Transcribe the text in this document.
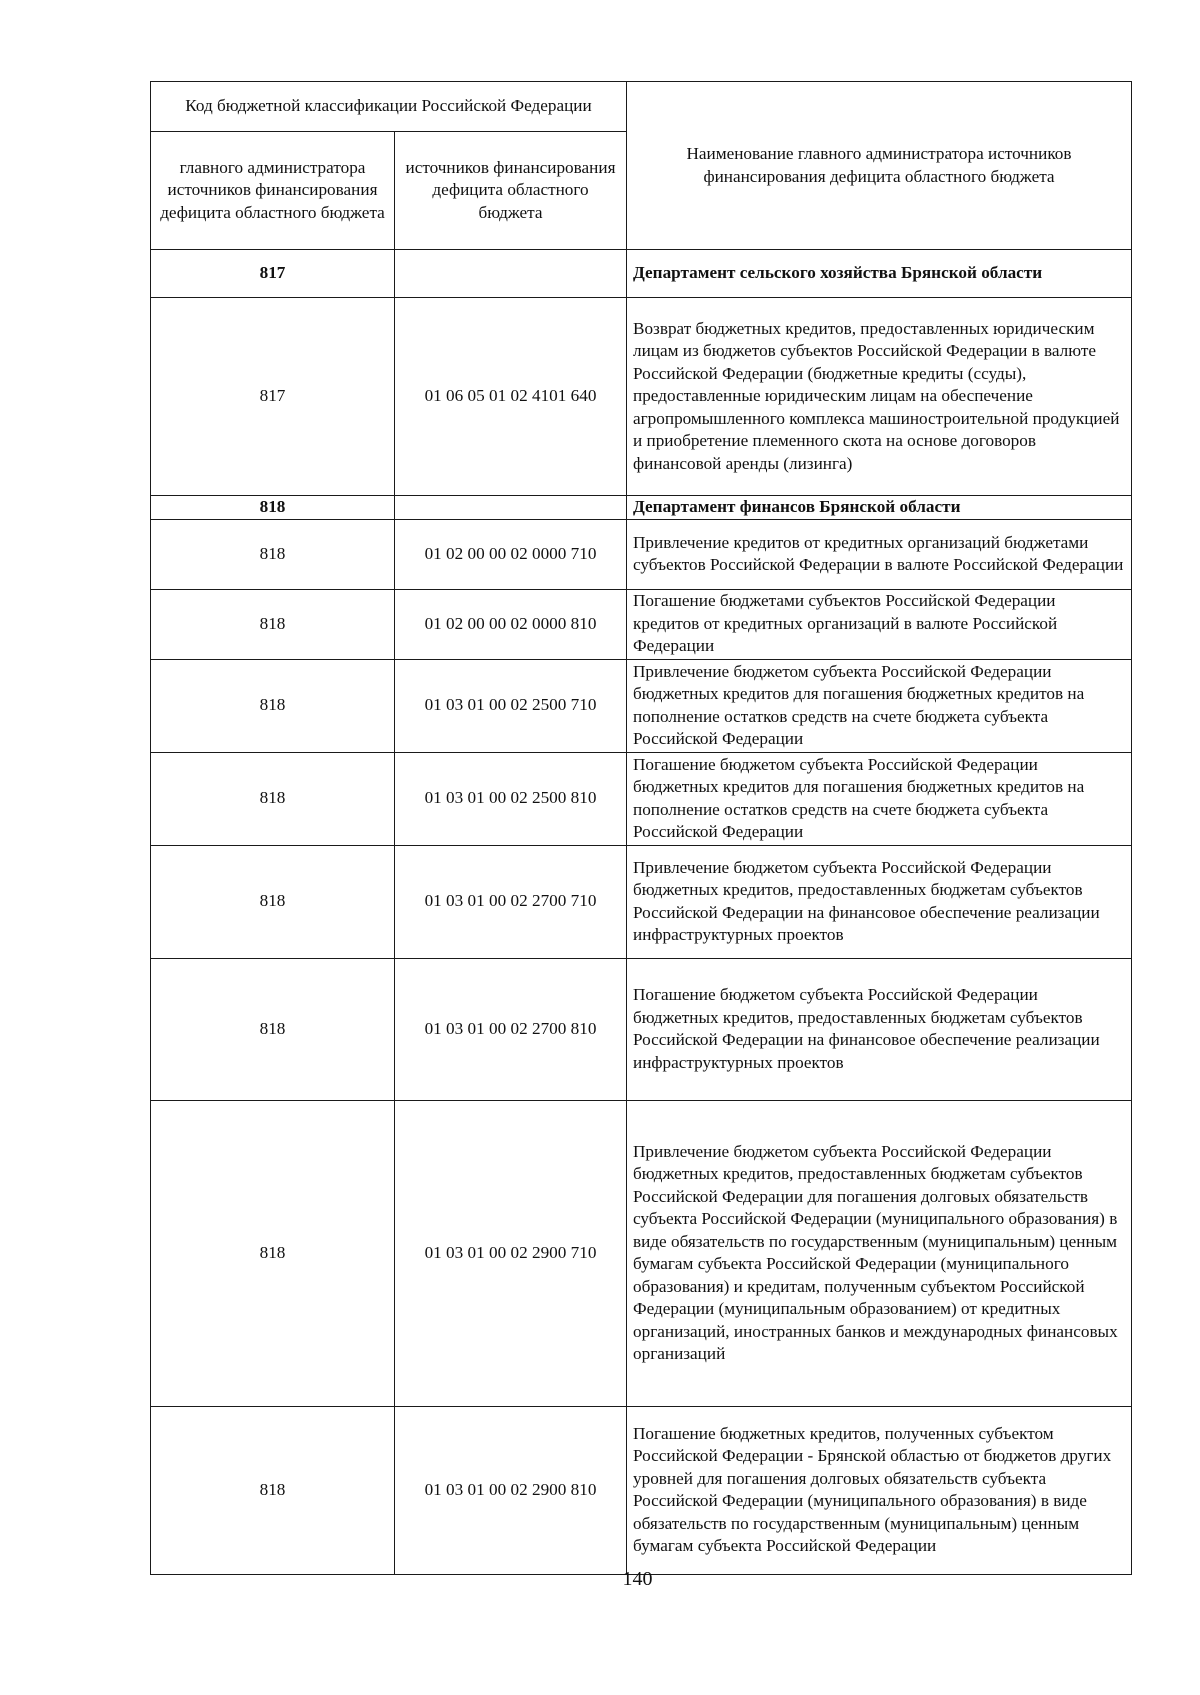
Код бюджетной классификации Российской Федерации		Наименование главного администратора источников финансирования дефицита областного бюджета
главного администратора источников финансирования дефицита областного бюджета	источников финансирования дефицита областного бюджета	
817		Департамент сельского хозяйства Брянской области
817	01 06 05 01 02 4101 640	Возврат бюджетных кредитов, предоставленных юридическим лицам из бюджетов субъектов Российской Федерации в валюте Российской Федерации (бюджетные кредиты (ссуды), предоставленные юридическим лицам на обеспечение агропромышленного комплекса машиностроительной продукцией и приобретение племенного скота на основе договоров финансовой аренды (лизинга)
818		Департамент финансов Брянской области
818	01 02 00 00 02 0000 710	Привлечение кредитов от кредитных организаций бюджетами субъектов Российской Федерации в валюте Российской Федерации
818	01 02 00 00 02 0000 810	Погашение бюджетами субъектов Российской Федерации кредитов от кредитных организаций в валюте Российской Федерации
818	01 03 01 00 02 2500 710	Привлечение бюджетом субъекта Российской Федерации бюджетных кредитов для погашения бюджетных кредитов на пополнение остатков средств на счете бюджета субъекта Российской Федерации
818	01 03 01 00 02 2500 810	Погашение бюджетом субъекта Российской Федерации бюджетных кредитов для погашения бюджетных кредитов на пополнение остатков средств на счете бюджета субъекта Российской Федерации
818	01 03 01 00 02 2700 710	Привлечение бюджетом субъекта Российской Федерации бюджетных кредитов, предоставленных бюджетам субъектов Российской Федерации на финансовое обеспечение реализации инфраструктурных проектов
818	01 03 01 00 02 2700 810	Погашение бюджетом субъекта Российской Федерации бюджетных кредитов, предоставленных бюджетам субъектов Российской Федерации на финансовое обеспечение реализации инфраструктурных проектов
818	01 03 01 00 02 2900 710	Привлечение бюджетом субъекта Российской Федерации бюджетных кредитов, предоставленных бюджетам субъектов Российской Федерации для погашения долговых обязательств субъекта Российской Федерации (муниципального образования) в виде обязательств по государственным (муниципальным) ценным бумагам субъекта Российской Федерации (муниципального образования) и кредитам, полученным субъектом Российской Федерации (муниципальным образованием) от кредитных организаций, иностранных банков и международных финансовых организаций
818	01 03 01 00 02 2900 810	Погашение бюджетных кредитов, полученных субъектом Российской Федерации - Брянской областью от бюджетов других уровней для погашения долговых обязательств субъекта Российской Федерации (муниципального образования) в виде обязательств по государственным (муниципальным) ценным бумагам субъекта Российской Федерации
140
